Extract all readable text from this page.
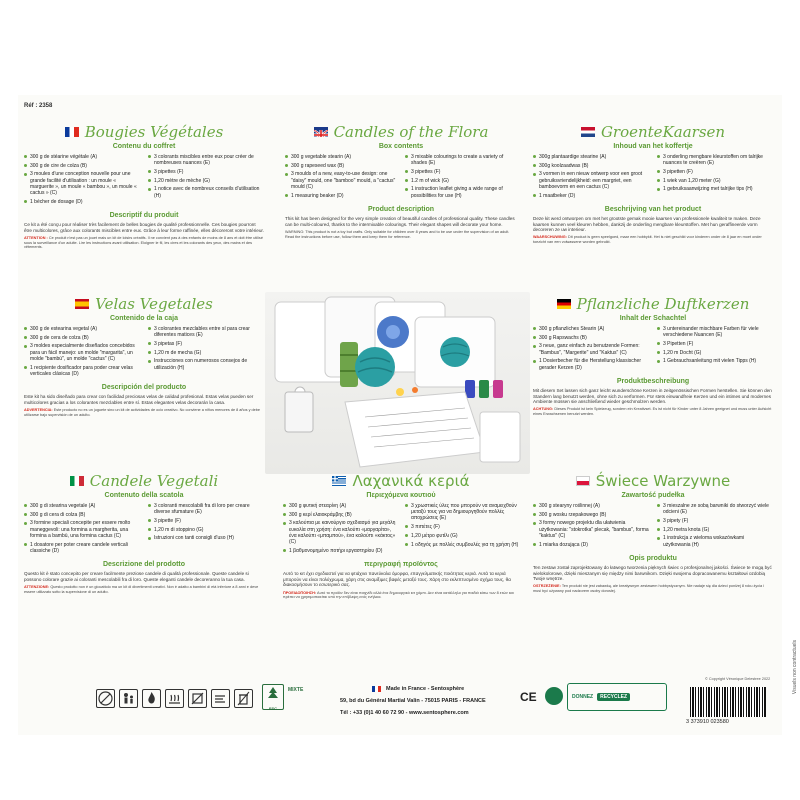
Réf : 2358
Bougies Végétales
Contenu du coffret
300 g de stéarine végétale (A)
300 g de cire de colza (B)
3 moules d'une conception nouvelle pour une grande facilité d'utilisation : un moule « marguerite », un moule « bambou », un moule « cactus » (C)
1 bécher de dosage (D)
3 colorants miscibles entre eux pour créer de nombreuses nuances (E)
3 pipettes (F)
1,20 mètre de mèche (G)
1 notice avec de nombreux conseils d'utilisation (H)
Descriptif du produit
Ce kit a été conçu pour réaliser très facilement de belles bougies de qualité professionnelle. Ces bougies pourront être multicolores, grâce aux colorants miscibles entre eux. Grâce à leur forme raffinée, elles décoreront votre intérieur.
ATTENTION : Ce produit n'est pas un jouet mais un kit de loisirs créatifs. Il ne convient pas à des enfants de moins de 8 ans et doit être utilisé sous la surveillance d'un adulte. Lire les instructions avant utilisation. Eloigner le fil, les cires et les colorants des yeux, des mains et des vêtements.
Candles of the Flora
Box contents
300 g vegetable stearin (A)
300 g rapeseed wax (B)
3 moulds of a new, easy-to-use design: one "daisy" mould, one "bamboo" mould, a "cactus" mould (C)
1 measuring beaker (D)
3 mixable colourings to create a variety of shades (E)
3 pipettes (F)
1.2 m of wick (G)
1 instruction leaflet giving a wide range of possibilities for use (H)
Product description
This kit has been designed for the very simple creation of beautiful candles of professional quality. These candles can be multi-coloured, thanks to the intermixable colourings. Their elegant shapes will decorate your home.
WARNING: This product is not a toy but crafts. Only suitable for children over 8 years and to be use under the supervision of an adult. Read the instructions before use, follow them and keep them for reference.
GroenteKaarsen
Inhoud van het koffertje
300g plantaardige stearine (A)
300g koolzaadwas (B)
3 vormen in een nieuw ontwerp voor een groot gebruiksvriendelijkheid: een margriet, een bamboevorm en een cactus (C)
1 maatbeker (D)
3 onderling mengbare kleurstoffen om talrijke nuances te creëren (E)
3 pipetten (F)
1 wiek van 1,20 meter (G)
1 gebruiksaanwijzing met talrijke tips (H)
Beschrijving van het product
Deze kit werd ontworpen om met het grootste gemak mooie kaarsen van professionele kwaliteit te maken. Deze kaarsen kunnen veel kleuren hebben, dankzij de onderling mengbare kleurstoffen. Met hun geraffineerde vorm decoreren ze uw interieur.
WAARSCHUWING: Dit product is geen speelgoed, maar een hobbykit. Het is niet geschikt voor kinderen onder de 8 jaar en moet onder toezicht van een volwassene worden gebruikt.
Velas Vegetales
Contenido de la caja
300 g de estearina vegetal (A)
300 g de cera de colza (B)
3 moldes especialmente diseñados concebidos para un fácil manejo: un molde "margarita", un molde "bambú", un molde "cactus" (C)
1 recipiente dosificador para poder crear velas verticales clásicas (D)
3 colorantes mezclables entre sí para crear diferentes matices (E)
3 pipetas (F)
1,20 m de mecha (G)
Instrucciones con numerosos consejos de utilización (H)
Descripción del producto
Este kit ha sido diseñado para crear con facilidad preciosas velas de calidad profesional. Estas velas pueden ser multicolores gracias a los colorantes mezclables entre sí. Estas elegantes velas decorarán la casa.
ADVERTENCIA: Este producto no es un juguete sino un kit de actividades de ocio creativo. No conviene a niños menores de 8 años y debe utilizarse bajo supervisión de un adulto.
Pflanzliche Duftkerzen
Inhalt der Schachtel
300 g pflanzliches Stearin (A)
300 g Rapswachs (B)
3 neue, ganz einfach zu benutzende Formen: "Bambus", "Margerite" und "Kaktus" (C)
1 Dosierbecher für die Herstellung klassischer gerader Kerzen (D)
3 untereinander mischbare Farben für viele verschiedene Nuancen (E)
3 Pipetten (F)
1,20 m Docht (G)
1 Gebrauchsanleitung mit vielen Tipps (H)
Produktbeschreibung
Mit diesem Set lassen sich ganz leicht wunderschöne Kerzen in zeitgenössischen Formen herstellen. Sie können den Standern lang benutzt werden, ohne sich zu verformen. Für stets einwandfreie Kerzen und ein intimes und modernes Ambiente müssen sie anschließend wieder geschmolzen werden.
ACHTUNG: Dieses Produkt ist kein Spielzeug, sondern ein Kreativset. Es ist nicht für Kinder unter 8 Jahren geeignet und muss unter Aufsicht eines Erwachsenen benutzt werden.
Candele Vegetali
Contenuto della scatola
300 g di stearina vegetale (A)
300 g di cera di colza (B)
3 formine speciali concepite per essere molto maneggevoli: una formina a margherita, una formina a bambù, una formina cactus (C)
1 dosatore per poter creare candele verticali classiche (D)
3 coloranti mescolabili fra di loro per creare diverse sfumature (E)
3 pipette (F)
1,20 m di stoppino (G)
Istruzioni con tanti consigli d'uso (H)
Descrizione del prodotto
Questo kit è stato concepito per creare facilmente preziose candele di qualità professionale. Queste candele si possono colorare grazie ai coloranti mescolabili fra di loro. Queste eleganti candele decoreranno la tua casa.
ATTENZIONE: Questo prodotto non è un giocattolo ma un kit di divertimenti creativi. Non è adatto a bambini di età inferiore a 8 anni e deve essere utilizzato sotto la supervisione di un adulto.
Λαχανικά κεριά
Περιεχόμενα κουτιού
300 g φυτική στεαρίνη (A)
300 g κερί ελαιοκράμβης (B)
3 καλούπια με καινούργιο σχεδιασμό για μεγάλη ευκολία στη χρήση: ένα καλούπι «μαργαρίτα», ένα καλούπι «μπαμπού», ένα καλούπι «κάκτος» (C)
1 βαθμονομημένο ποτήρι εργαστηρίου (D)
3 χρωστικές ύλες που μπορούν να αναμειχθούν μεταξύ τους για να δημιουργηθούν πολλές αποχρώσεις (E)
3 πιπέτες (F)
1,20 μέτρο φυτίλι (G)
1 οδηγός με πολλές συμβουλές για τη χρήση (H)
περιγραφή προϊόντος
Αυτό το κιτ έχει σχεδιαστεί για να φτιάχνει πανεύκολα όμορφα, επαγγελματικής ποιότητας κεριά. Αυτά τα κεριά μπορούν να είναι πολύχρωμα, χάρη στις αναμίξιμες βαφές μεταξύ τους. Χάρη στο εκλεπτυσμένο σχήμα τους, θα διακοσμήσουν το εσωτερικό σας.
ΠΡΟΕΙΔΟΠΟΙΗΣΗ: Αυτό το προϊόν δεν είναι παιχνίδι αλλά ένα δημιουργικό κιτ χόμπι. Δεν είναι κατάλληλο για παιδιά κάτω των 8 ετών και πρέπει να χρησιμοποιείται υπό την επίβλεψη ενός ενήλικα.
Świece Warzywne
Zawartość pudełka
300 g stearyny roślinnej (A)
300 g wosku rzepakowego (B)
3 formy nowego projektu dla ułatwienia użytkowania: "stokrotka" plecak, "bambus", forma "kaktus" (C)
1 miarka dozująca (D)
3 mieszalne ze sobą barwniki do stworzyć wiele odcieni (E)
3 pipety (F)
1,20 metra knota (G)
1 instrukcja z wieloma wskazówkami użytkowania (H)
Opis produktu
Ten zestaw został zaprojektowany do łatwego tworzenia pięknych świec o profesjonalnej jakości. Świece te mogą być wielokolorowe, dzięki mieszanym się między nimi barwnikom. Dzięki swojemu dopracowanemu kształtowi ozdobią Twoje wnętrze.
OSTRZEŻENIE: Ten produkt nie jest zabawką, ale kreatywnym zestawem hobbystycznym. Nie nadaje się dla dzieci poniżej 8 roku życia i musi być używany pod nadzorem osoby dorosłej.
FSC
MIXTE	Made in France - Sentosphère
59, bd du Général Martial Valin - 75015 PARIS - FRANCE
Tél : +33 (0)1 40 60 72 90 - www.sentosphere.com
CE	DONNEZ	RECYCLEZ
© Copyright Véronique Delestree 2022
3 373910 023580
Visuels non contractuels
